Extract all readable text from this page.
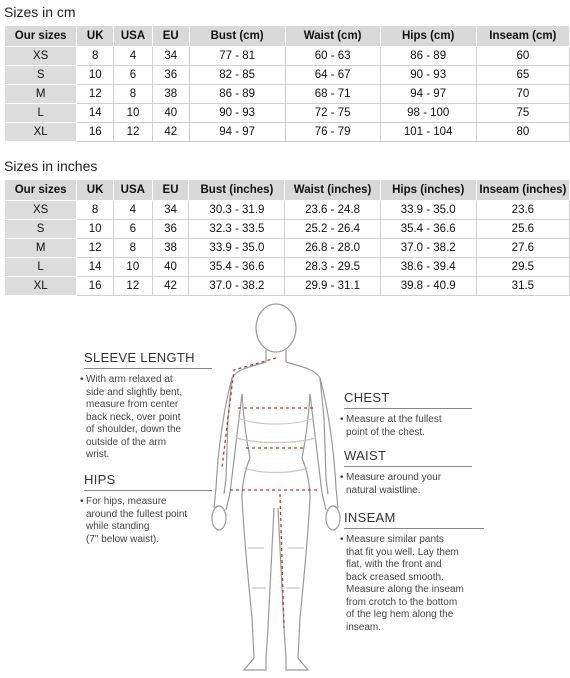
Sizes in cm
Our sizes	UK	USA	EU	Bust (cm)	Waist (cm)	Hips (cm)	Inseam (cm)
XS	8	4	34	77 - 81	60 - 63	86 - 89	60
S	10	6	36	82 - 85	64 - 67	90 - 93	65
M	12	8	38	86 - 89	68 - 71	94 - 97	70
L	14	10	40	90 - 93	72 - 75	98 - 100	75
XL	16	12	42	94 - 97	76 - 79	101 - 104	80
Sizes in inches
Our sizes	UK	USA	EU	Bust (inches)	Waist (inches)	Hips (inches)	Inseam (inches)
XS	8	4	34	30.3 - 31.9	23.6 - 24.8	33.9 - 35.0	23.6
S	10	6	36	32.3 - 33.5	25.2 - 26.4	35.4 - 36.6	25.6
M	12	8	38	33.9 - 35.0	26.8 - 28.0	37.0 - 38.2	27.6
L	14	10	40	35.4 - 36.6	28.3 - 29.5	38.6 - 39.4	29.5
XL	16	12	42	37.0 - 38.2	29.9 - 31.1	39.8 - 40.9	31.5
SLEEVE LENGTH
• With arm relaxed at
side and slightly bent,
measure from center
back neck, over point
of shoulder, down the
outside of the arm
wrist.
HIPS
• For hips, measure
around the fullest point
while standing
(7" below waist).
CHEST
• Measure at the fullest
point of the chest.
WAIST
• Measure around your
natural waistline.
INSEAM
• Measure similar pants
that fit you well. Lay them
flat, with the front and
back creased smooth.
Measure along the inseam
from crotch to the bottom
of the leg hem along the
inseam.
